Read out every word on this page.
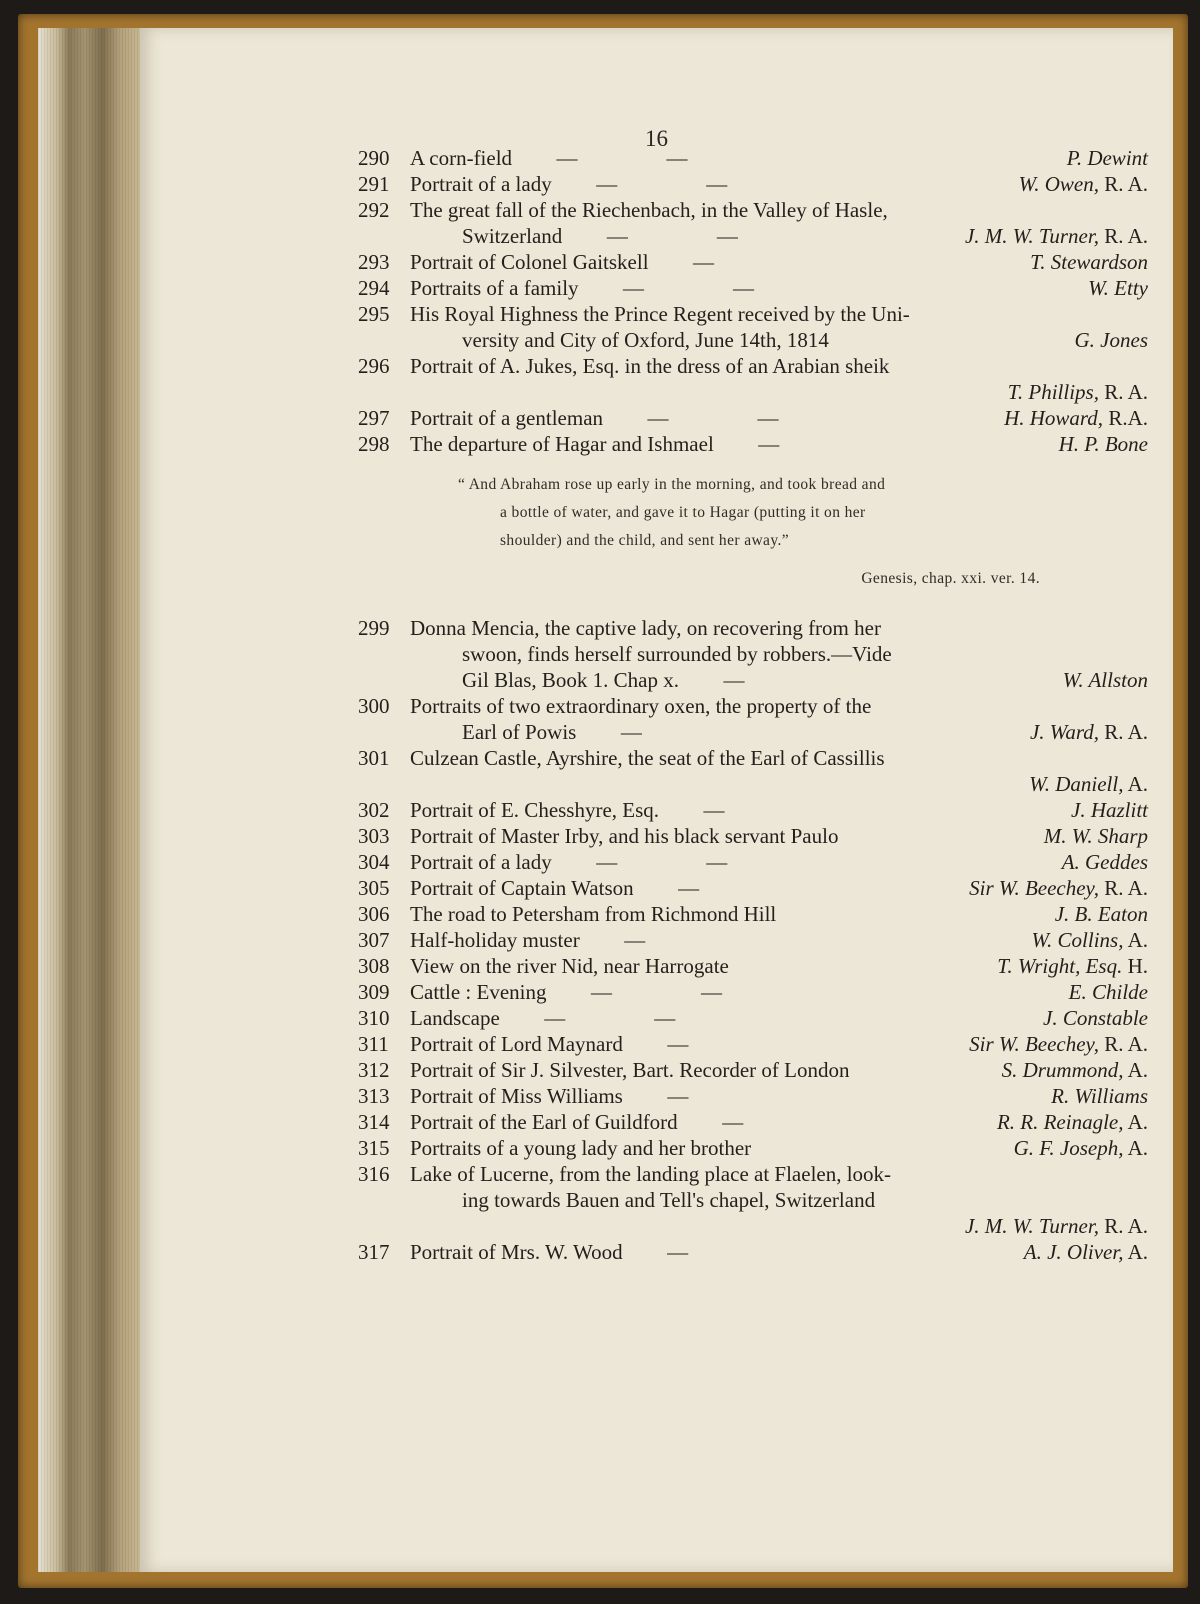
16
290 A corn-field —	—	P. Dewint
291 Portrait of a lady —	—	W. Owen, R. A.
292 The great fall of the Riechenbach, in the Valley of Hasle,
Switzerland —	—	J. M. W. Turner, R. A.
293 Portrait of Colonel Gaitskell —	T. Stewardson
294 Portraits of a family —	—	W. Etty
295 His Royal Highness the Prince Regent received by the Uni-
versity and City of Oxford, June 14th, 1814	G. Jones
296 Portrait of A. Jukes, Esq. in the dress of an Arabian sheik
T. Phillips, R. A.
297 Portrait of a gentleman —	—	H. Howard, R.A.
298 The departure of Hagar and Ishmael —	H. P. Bone
“ And Abraham rose up early in the morning, and took bread and
a bottle of water, and gave it to Hagar (putting it on her
shoulder) and the child, and sent her away.”
Genesis, chap. xxi. ver. 14.
299 Donna Mencia, the captive lady, on recovering from her
swoon, finds herself surrounded by robbers.—Vide
Gil Blas, Book 1. Chap x. —	W. Allston
300 Portraits of two extraordinary oxen, the property of the
Earl of Powis —	J. Ward, R. A.
301 Culzean Castle, Ayrshire, the seat of the Earl of Cassillis
W. Daniell, A.
302 Portrait of E. Chesshyre, Esq. —	J. Hazlitt
303 Portrait of Master Irby, and his black servant Paulo	M. W. Sharp
304 Portrait of a lady —	—	A. Geddes
305 Portrait of Captain Watson —	Sir W. Beechey, R. A.
306 The road to Petersham from Richmond Hill	J. B. Eaton
307 Half-holiday muster —	W. Collins, A.
308 View on the river Nid, near Harrogate	T. Wright, Esq. H.
309 Cattle : Evening —	—	E. Childe
310 Landscape —	—	J. Constable
311	Portrait of Lord Maynard —	Sir W. Beechey, R. A.
312 Portrait of Sir J. Silvester, Bart. Recorder of London	S. Drummond, A.
313 Portrait of Miss Williams —	R. Williams
314 Portrait of the Earl of Guildford —	R. R. Reinagle, A.
315 Portraits of a young lady and her brother	G. F. Joseph, A.
316 Lake of Lucerne, from the landing place at Flaelen, look-
ing towards Bauen and Tell's chapel, Switzerland
J. M. W. Turner, R. A.
317 Portrait of Mrs. W. Wood —	A. J. Oliver, A.
